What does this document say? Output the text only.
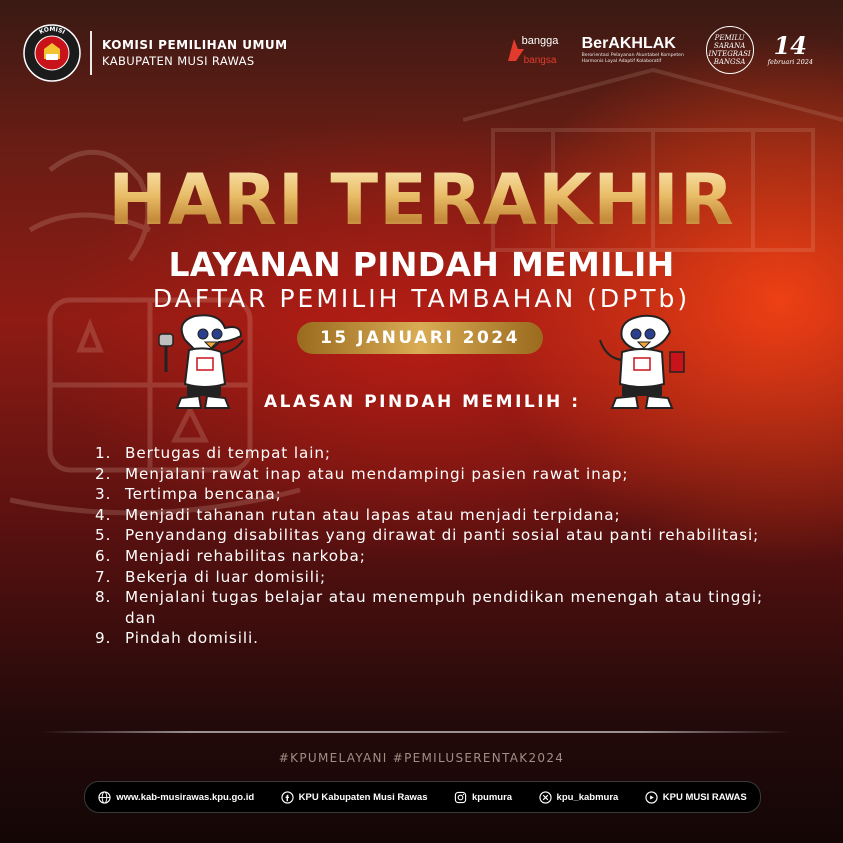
KOMISI
KOMISI PEMILIHAN UMUM
KABUPATEN MUSI RAWAS
bangga
bangsa
BerAKHLAK
Berorientasi Pelayanan Akuntabel Kompeten Harmonis Loyal Adaptif Kolaboratif
PEMILU SARANA INTEGRASI BANGSA
14
februari 2024
HARI TERAKHIR
LAYANAN PINDAH MEMILIH
DAFTAR PEMILIH TAMBAHAN (DPTb)
15 JANUARI 2024
ALASAN PINDAH MEMILIH :
1. Bertugas di tempat lain;
2. Menjalani rawat inap atau mendampingi pasien rawat inap;
3. Tertimpa bencana;
4. Menjadi tahanan rutan atau lapas atau menjadi terpidana;
5. Penyandang disabilitas yang dirawat di panti sosial atau panti rehabilitasi;
6. Menjadi rehabilitas narkoba;
7. Bekerja di luar domisili;
8. Menjalani tugas belajar atau menempuh pendidikan menengah atau tinggi; dan
9. Pindah domisili.
#KPUMELAYANI #PEMILUSERENTAK2024
www.kab-musirawas.kpu.go.id	KPU Kabupaten Musi Rawas	kpumura	kpu_kabmura	KPU MUSI RAWAS
